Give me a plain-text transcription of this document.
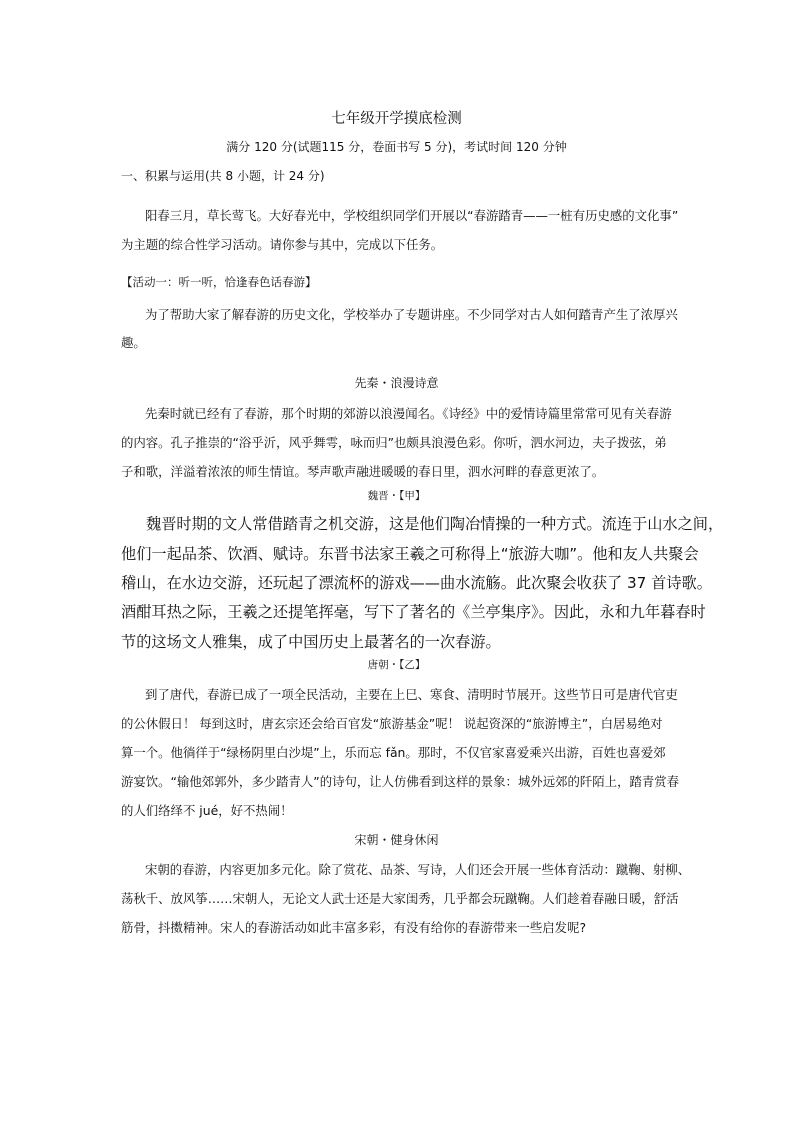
七年级开学摸底检测
满分 120 分(试题115 分，卷面书写 5 分)，考试时间 120 分钟
一、积累与运用(共 8 小题，计 24 分)
阳春三月，草长莺飞。大好春光中，学校组织同学们开展以“春游踏青——一桩有历史感的文化事”
为主题的综合性学习活动。请你参与其中，完成以下任务。
【活动一：听一听，恰逢春色话春游】
为了帮助大家了解春游的历史文化，学校举办了专题讲座。不少同学对古人如何踏青产生了浓厚兴
趣。
先秦・浪漫诗意
先秦时就已经有了春游，那个时期的郊游以浪漫闻名。《诗经》中的爱情诗篇里常常可见有关春游
的内容。孔子推崇的“浴乎沂，风乎舞雩，咏而归”也颇具浪漫色彩。你听，泗水河边，夫子拨弦，弟
子和歌，洋溢着浓浓的师生情谊。琴声歌声融进暖暖的春日里，泗水河畔的春意更浓了。
魏晋・【甲】
魏晋时期的文人常借踏青之机交游，这是他们陶冶情操的一种方式。流连于山水之间，
他们一起品茶、饮酒、赋诗。东晋书法家王羲之可称得上“旅游大咖”。他和友人共聚会
稽山，在水边交游，还玩起了漂流杯的游戏——曲水流觞。此次聚会收获了 37 首诗歌。
酒酣耳热之际，王羲之还提笔挥毫，写下了著名的《兰亭集序》。因此，永和九年暮春时
节的这场文人雅集，成了中国历史上最著名的一次春游。
唐朝・【乙】
到了唐代，春游已成了一项全民活动，主要在上巳、寒食、清明时节展开。这些节日可是唐代官吏
的公休假日！ 每到这时，唐玄宗还会给百官发“旅游基金”呢！ 说起资深的“旅游博主”，白居易绝对
算一个。他徜徉于“绿杨阴里白沙堤”上，乐而忘 fǎn。那时，不仅官家喜爱乘兴出游，百姓也喜爱郊
游宴饮。“输他郊郭外，多少踏青人”的诗句，让人仿佛看到这样的景象：城外远郊的阡陌上，踏青赏春
的人们络绎不 jué，好不热闹！
宋朝・健身休闲
宋朝的春游，内容更加多元化。除了赏花、品茶、写诗，人们还会开展一些体育活动：蹴鞠、射柳、
荡秋千、放风筝……宋朝人，无论文人武士还是大家闺秀，几乎都会玩蹴鞠。人们趁着春融日暖，舒活
筋骨，抖擞精神。宋人的春游活动如此丰富多彩，有没有给你的春游带来一些启发呢?
